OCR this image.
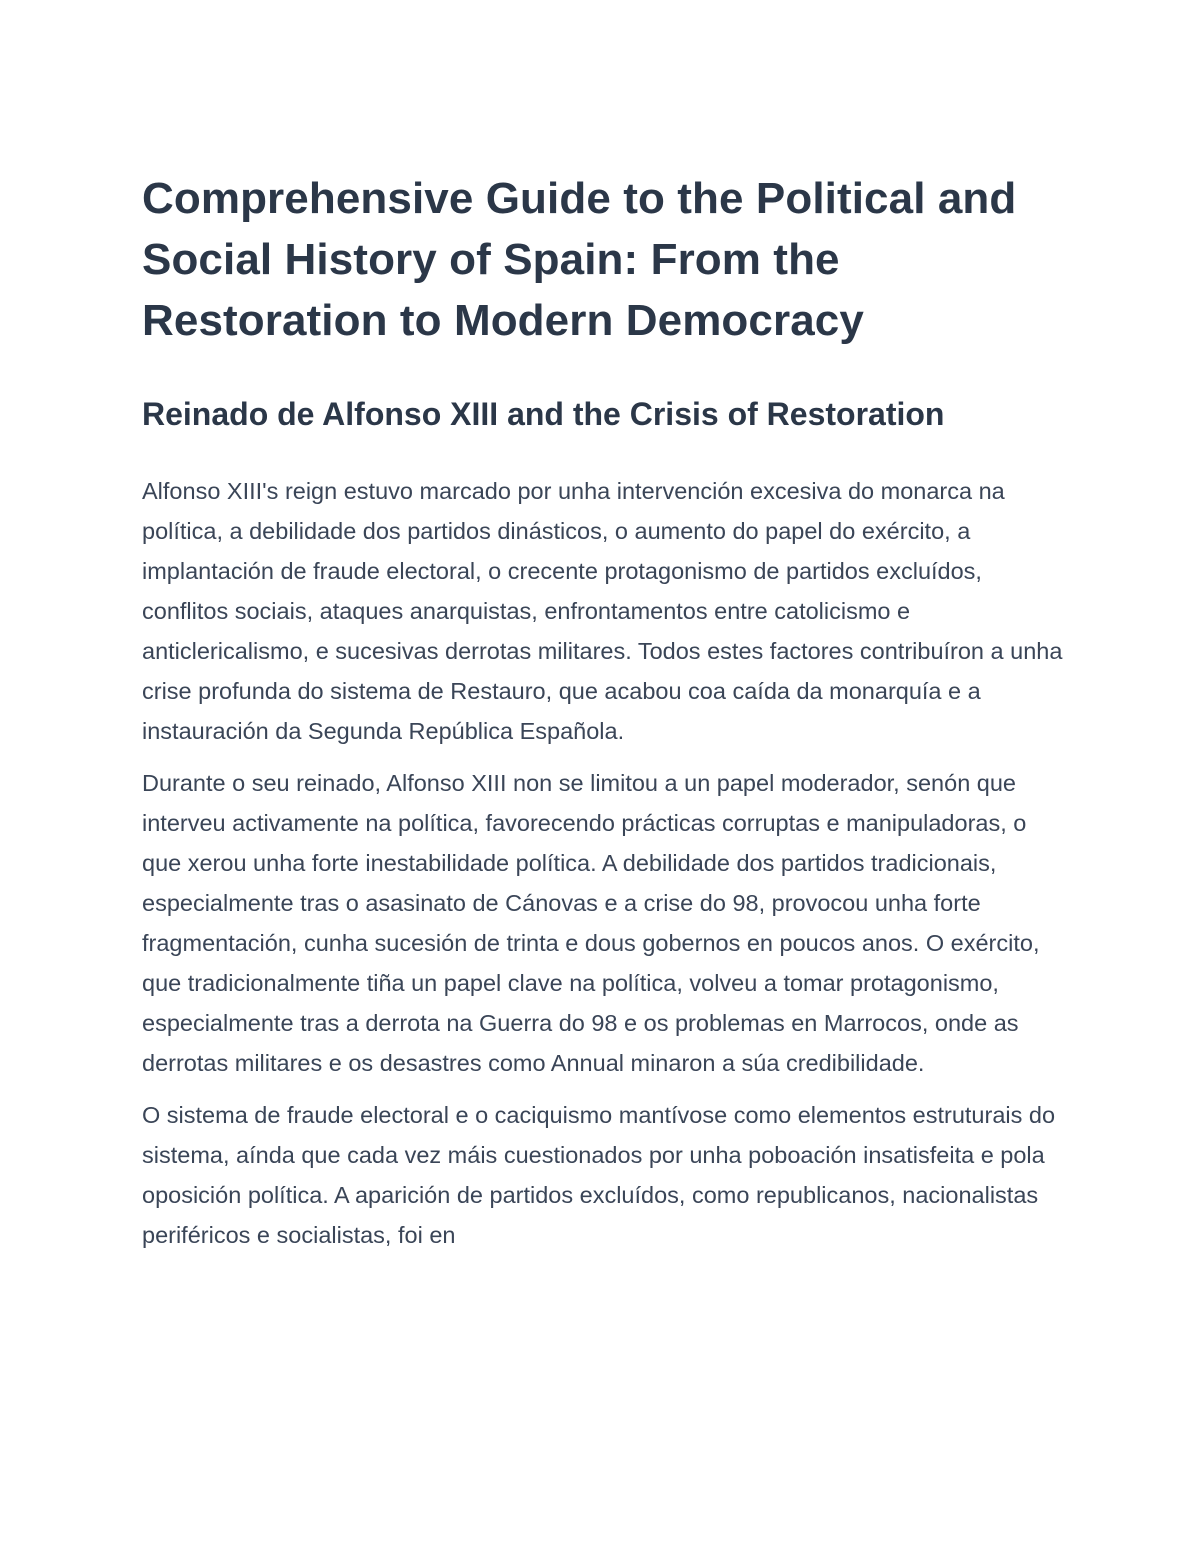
Comprehensive Guide to the Political and Social History of Spain: From the Restoration to Modern Democracy
Reinado de Alfonso XIII and the Crisis of Restoration

Alfonso XIII's reign estuvo marcado por unha intervención excesiva do monarca na política, a debilidade dos partidos dinásticos, o aumento do papel do exército, a implantación de fraude electoral, o crecente protagonismo de partidos excluídos, conflitos sociais, ataques anarquistas, enfrontamentos entre catolicismo e anticlericalismo, e sucesivas derrotas militares. Todos estes factores contribuíron a unha crise profunda do sistema de Restauro, que acabou coa caída da monarquía e a instauración da Segunda República Española.

Durante o seu reinado, Alfonso XIII non se limitou a un papel moderador, senón que interveu activamente na política, favorecendo prácticas corruptas e manipuladoras, o que xerou unha forte inestabilidade política. A debilidade dos partidos tradicionais, especialmente tras o asasinato de Cánovas e a crise do 98, provocou unha forte fragmentación, cunha sucesión de trinta e dous gobernos en poucos anos. O exército, que tradicionalmente tiña un papel clave na política, volveu a tomar protagonismo, especialmente tras a derrota na Guerra do 98 e os problemas en Marrocos, onde as derrotas militares e os desastres como Annual minaron a súa credibilidade.

O sistema de fraude electoral e o caciquismo mantívose como elementos estruturais do sistema, aínda que cada vez máis cuestionados por unha poboación insatisfeita e pola oposición política. A aparición de partidos excluídos, como republicanos, nacionalistas periféricos e socialistas, foi en
